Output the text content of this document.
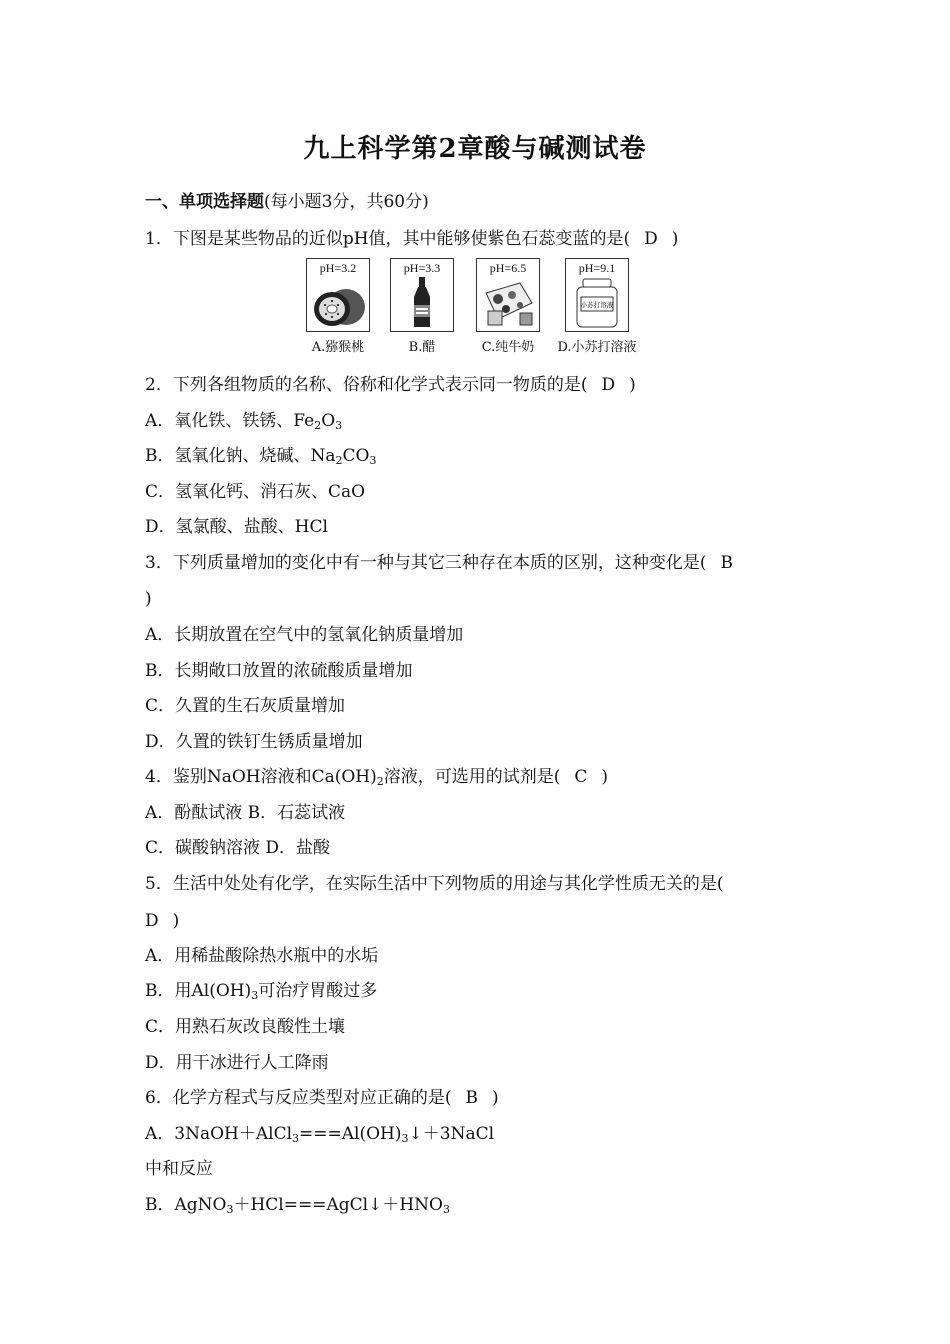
九上科学第2章酸与碱测试卷
一、单项选择题(每小题3分，共60分)
1．下图是某些物品的近似pH值，其中能够使紫色石蕊变蓝的是( D )
pH=3.2
A.猕猴桃
pH=3.3
B.醋
pH=6.5
C.纯牛奶
pH=9.1
小苏打溶液
D.小苏打溶液
2．下列各组物质的名称、俗称和化学式表示同一物质的是( D )
A．氧化铁、铁锈、$Fe_2O_3$
B．氢氧化钠、烧碱、$Na_2CO_3$
C．氢氧化钙、消石灰、CaO
D．氢氯酸、盐酸、HCl
3．下列质量增加的变化中有一种与其它三种存在本质的区别，这种变化是( B
)
A．长期放置在空气中的氢氧化钠质量增加
B．长期敞口放置的浓硫酸质量增加
C．久置的生石灰质量增加
D．久置的铁钉生锈质量增加
4．鉴别NaOH溶液和$Ca(OH)_2$溶液，可选用的试剂是( C )
A．酚酞试液 B．石蕊试液
C．碳酸钠溶液 D．盐酸
5．生活中处处有化学，在实际生活中下列物质的用途与其化学性质无关的是(
D )
A．用稀盐酸除热水瓶中的水垢
B．用$Al(OH)_3$可治疗胃酸过多
C．用熟石灰改良酸性土壤
D．用干冰进行人工降雨
6．化学方程式与反应类型对应正确的是( B )
A．$3NaOH+AlCl_3===Al(OH)_3↓+3NaCl$
中和反应
B．$AgNO_3+HCl===AgCl↓+HNO_3$
